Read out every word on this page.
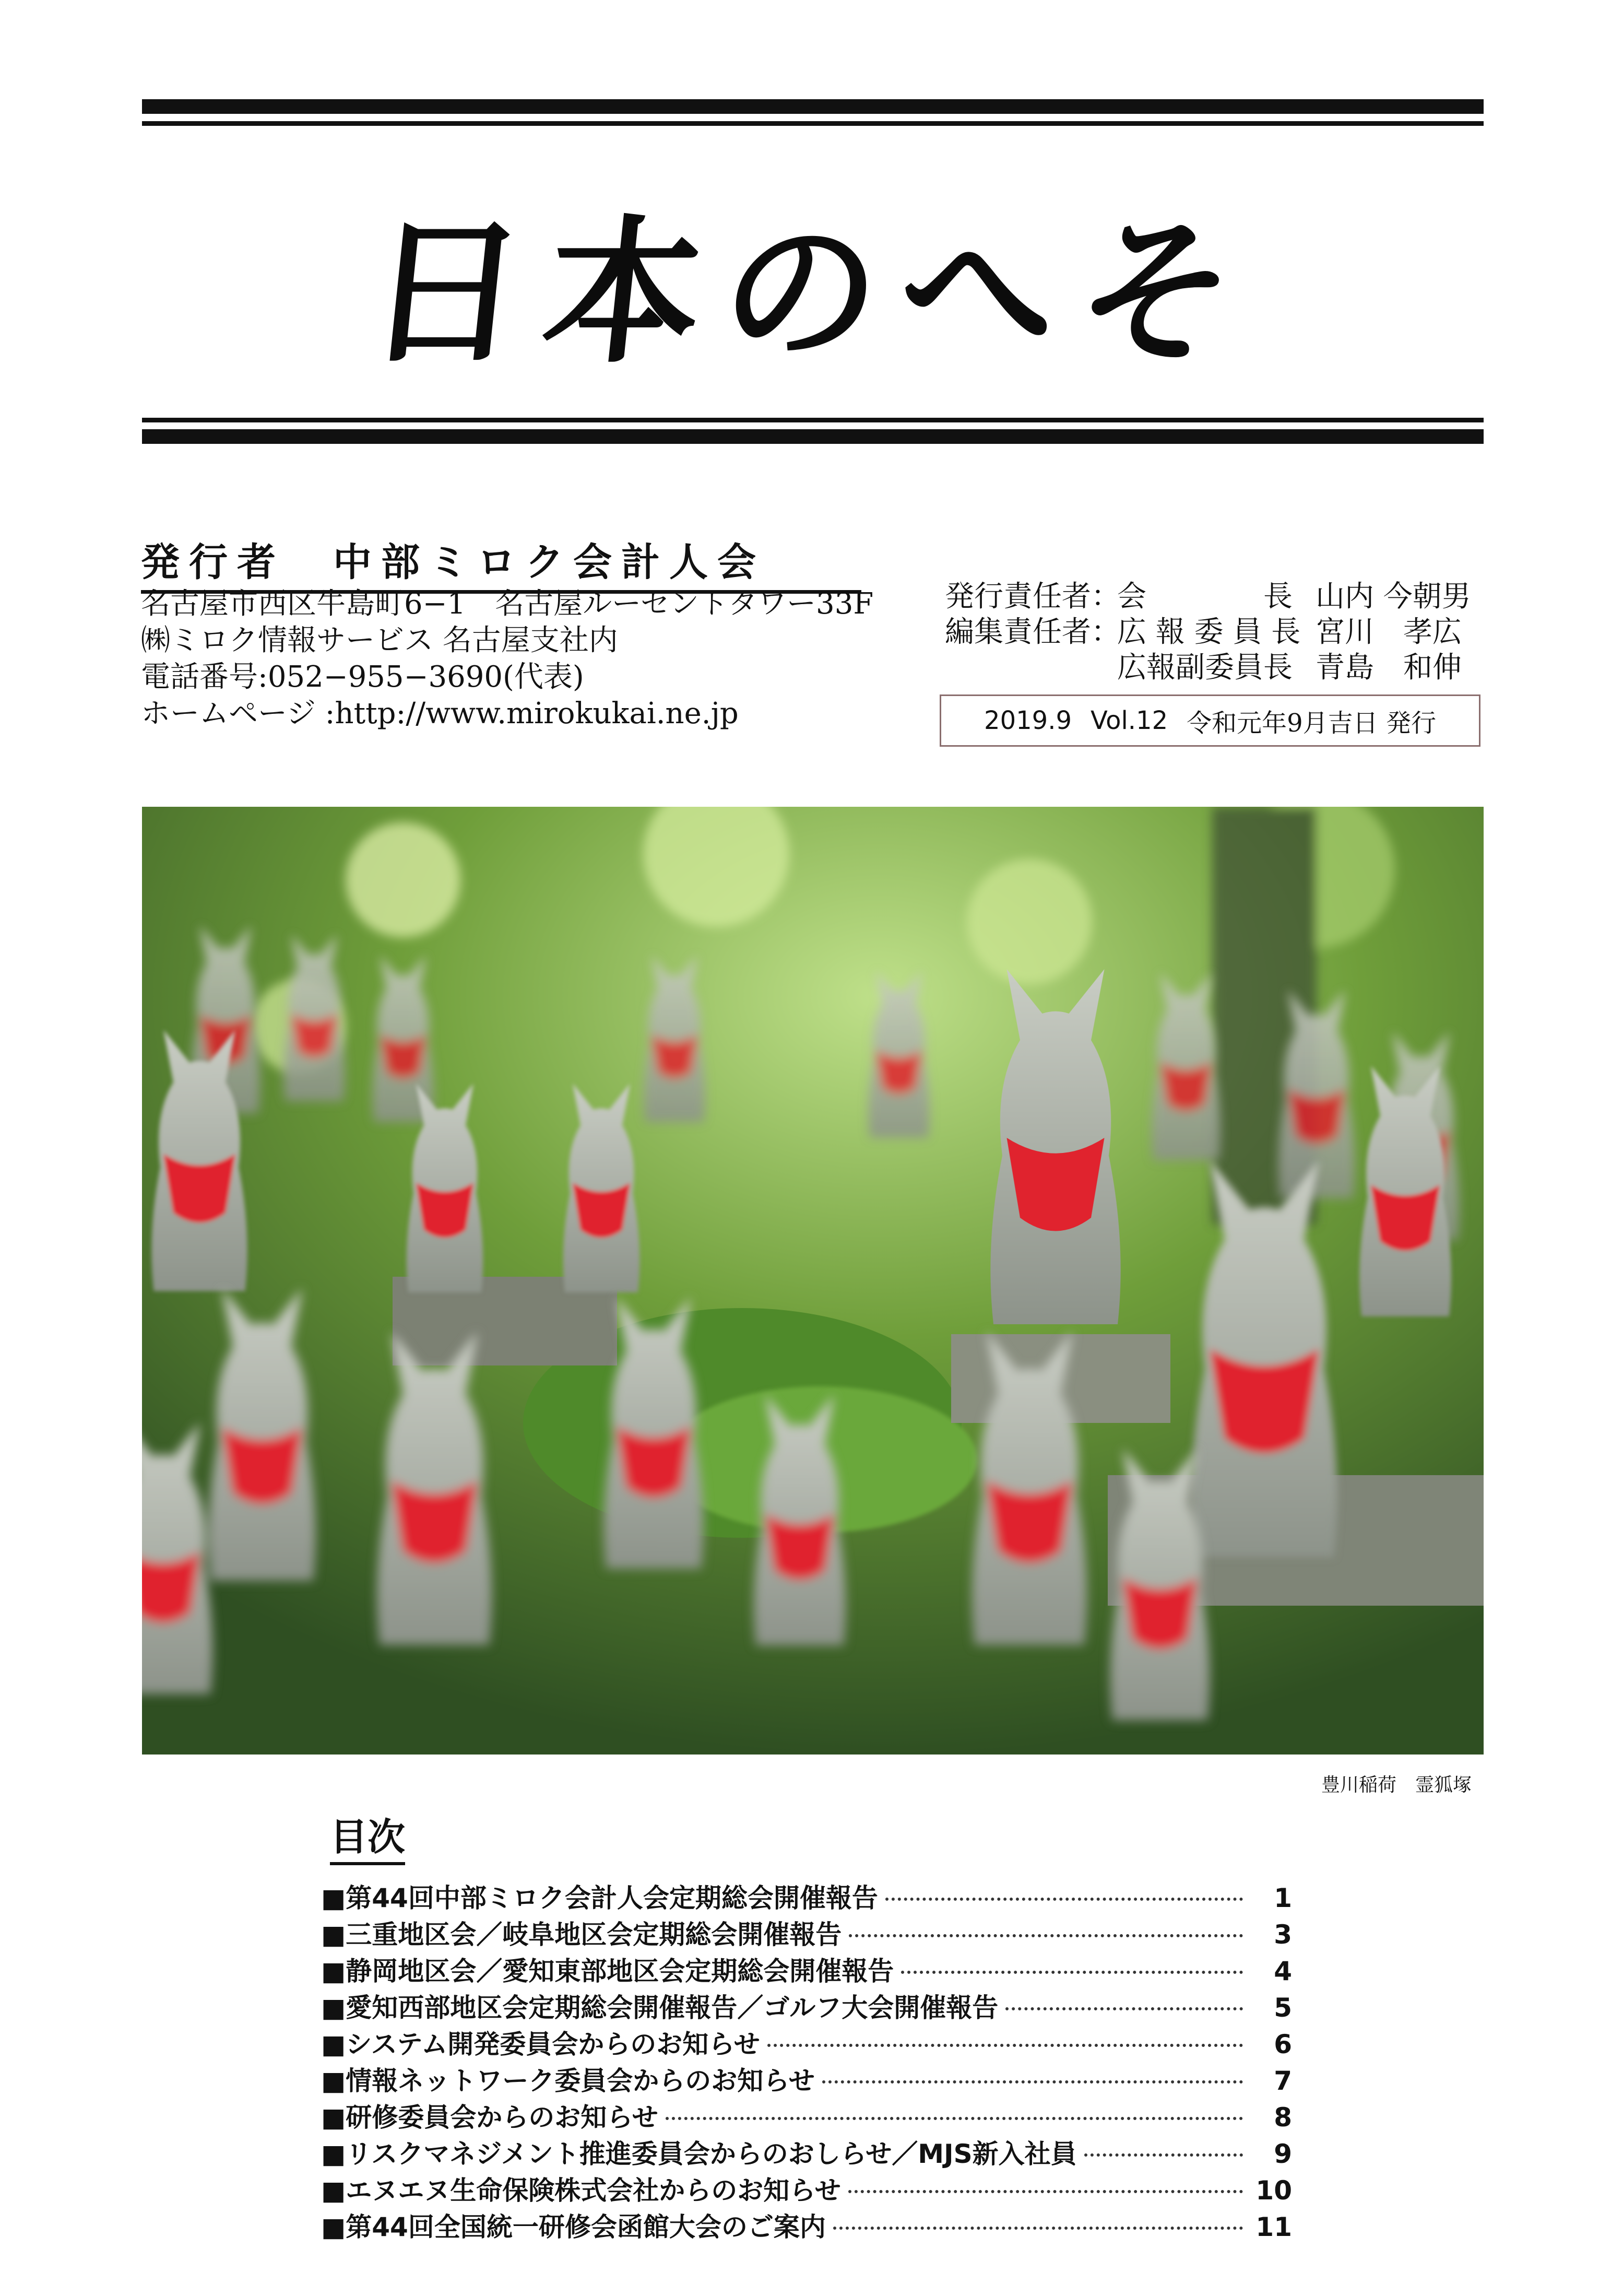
日本のへそ
発行者　中部ミロク会計人会
名古屋市西区牛島町6−1　名古屋ルーセントタワー33F
㈱ミロク情報サービス 名古屋支社内
電話番号:052−955−3690(代表)
ホームページ :http://www.mirokukai.ne.jp
発行責任者：会　　　　長 山内 今朝男
編集責任者：広 報 委 員 長 宮川　孝広
広報副委員長 青島　和伸
2019.9 Vol.12 令和元年9月吉日 発行
豊川稲荷　霊狐塚
目次
■第44回中部ミロク会計人会定期総会開催報告	1
■三重地区会／岐阜地区会定期総会開催報告	3
■静岡地区会／愛知東部地区会定期総会開催報告	4
■愛知西部地区会定期総会開催報告／ゴルフ大会開催報告	5
■システム開発委員会からのお知らせ	6
■情報ネットワーク委員会からのお知らせ	7
■研修委員会からのお知らせ	8
■リスクマネジメント推進委員会からのおしらせ／MJS新入社員	9
■エヌエヌ生命保険株式会社からのお知らせ	10
■第44回全国統一研修会函館大会のご案内	11
